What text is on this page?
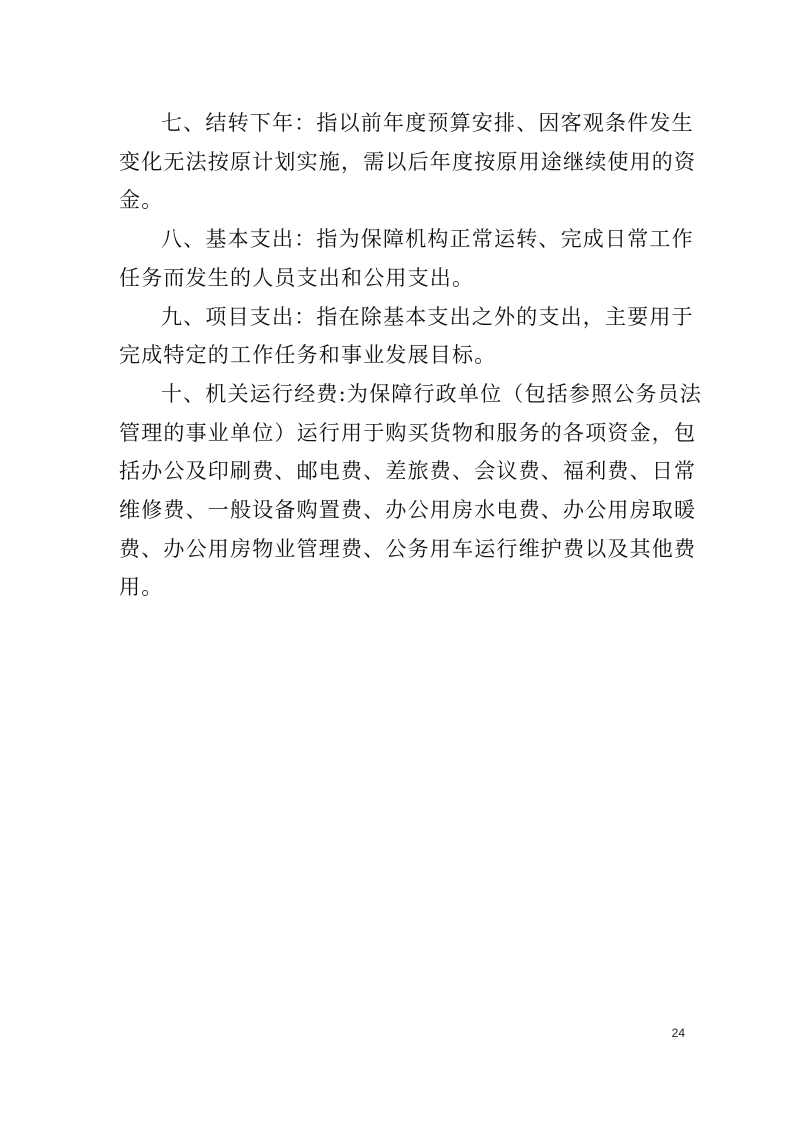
七、结转下年：指以前年度预算安排、因客观条件发生
变化无法按原计划实施，需以后年度按原用途继续使用的资
金。

八、基本支出：指为保障机构正常运转、完成日常工作
任务而发生的人员支出和公用支出。

九、项目支出：指在除基本支出之外的支出，主要用于
完成特定的工作任务和事业发展目标。

十、机关运行经费:为保障行政单位（包括参照公务员法
管理的事业单位）运行用于购买货物和服务的各项资金，包
括办公及印刷费、邮电费、差旅费、会议费、福利费、日常
维修费、一般设备购置费、办公用房水电费、办公用房取暖
费、办公用房物业管理费、公务用车运行维护费以及其他费
用。

24
